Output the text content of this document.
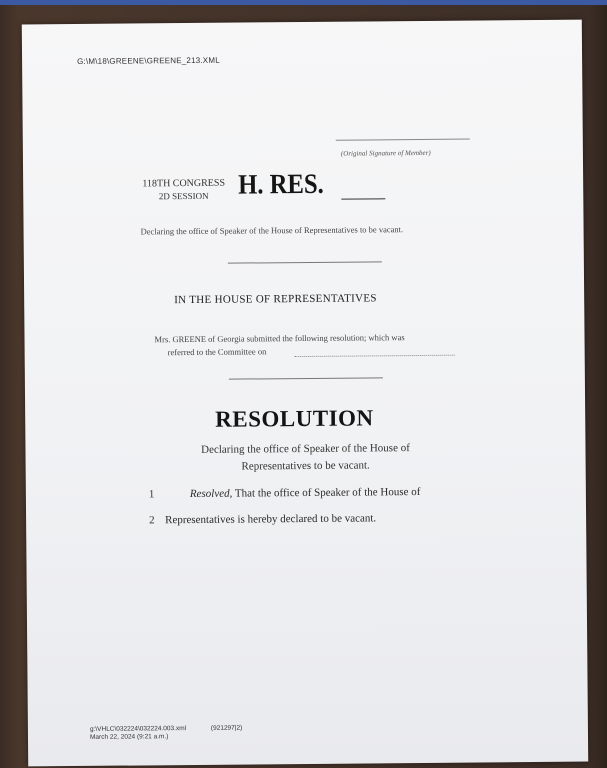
G:\M\18\GREENE\GREENE_213.XML
(Original Signature of Member)
118TH CONGRESS
2D SESSION	H. RES.
Declaring the office of Speaker of the House of Representatives to be vacant.
IN THE HOUSE OF REPRESENTATIVES
Mrs. GREENE of Georgia submitted the following resolution; which was
referred to the Committee on
RESOLUTION
Declaring the office of Speaker of the House of Representatives to be vacant.
1	Resolved, That the office of Speaker of the House of
2 Representatives is hereby declared to be vacant.
g:\VHLC\032224\032224.003.xml
March 22, 2024 (9:21 a.m.)
(921297|2)
